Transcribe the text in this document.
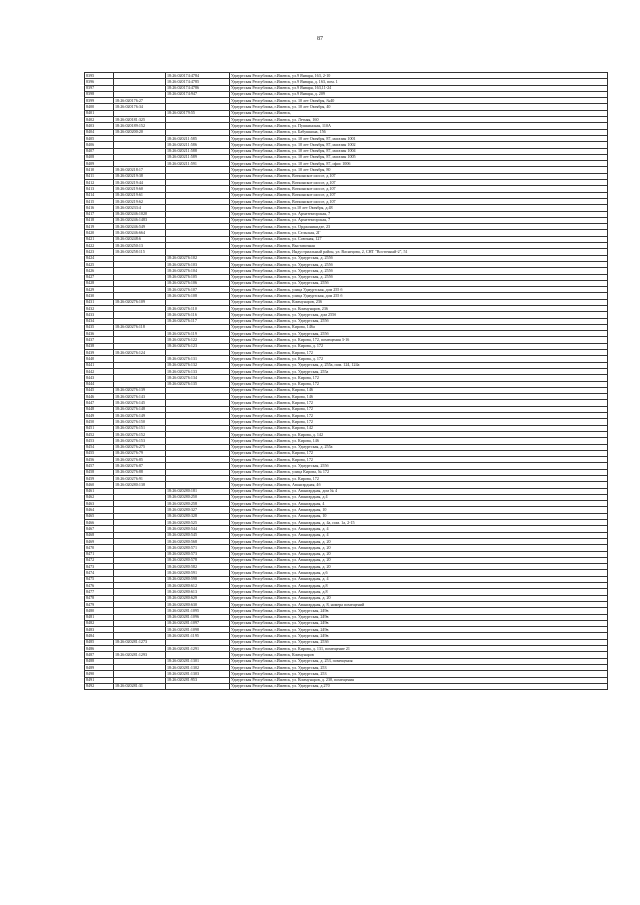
87
8395		18:26:020174:4784	Удмуртская Республика, г.Ижевск, ул.9 Января, 163, 2-10
8396		18:26:020174:4785	Удмуртская Республика, г.Ижевск, ул.9 Января, д. 163, пом. 1
8397		18:26:020174:4786	Удмуртская Республика, г.Ижевск, ул.9 Января, 163,11-24
8398		18:26:020174:947	Удмуртская Республика, г.Ижевск, ул.9 Января, д. 209
8399	18:26:020176:27		Удмуртская Республика, г.Ижевск, ул. 10 лет Октября, №40
8400	18:26:020176:34		Удмуртская Республика, г.Ижевск, ул. 10 лет Октября, 40
8401		18:26:020179:55	Удмуртская Республика, г.Ижевск,
8402	18:26:020181:325		Удмуртская Республика, г.Ижевск, ул. Летняя, 160
8403	18:26:020189:152		Удмуртская Республика, г.Ижевск, ул. Пушкинская, 110А
8404	18:26:020200:20		Удмуртская Республика, г.Ижевск, ул. Бабушкина, 156
8405		18:26:020211:585	Удмуртская Республика, г.Ижевск, ул. 10 лет Октября, 87, магазин 1001
8406		18:26:020211:586	Удмуртская Республика, г.Ижевск, ул. 10 лет Октября, 87, магазин 1002
8407		18:26:020211:588	Удмуртская Республика, г.Ижевск, ул. 10 лет Октября, 87, магазин 1004
8408		18:26:020211:589	Удмуртская Республика, г.Ижевск, ул. 10 лет Октября, 87, магазин 1005
8409		18:26:020211:591	Удмуртская Республика, г.Ижевск, ул. 10 лет Октября, 87, офис 1006
8410	18:26:020218:17		Удмуртская Республика, г.Ижевск, ул. 10 лет Октября, 80
8411	18:26:020219:38		Удмуртская Республика, г.Ижевск, Воткинское шоссе, д.107
8412	18:26:020219:44		Удмуртская Республика, г.Ижевск, Воткинское шоссе, д.107
8413	18:26:020219:60		Удмуртская Республика, г.Ижевск, Воткинское шоссе, д.107
8414	18:26:020219:61		Удмуртская Республика, г.Ижевск, Воткинское шоссе, д.107
8415	18:26:020219:62		Удмуртская Республика, г.Ижевск, Воткинское шоссе, д.107
8416	18:26:020233:4		Удмуртская Республика, г.Ижевск, ул.10 лет Октября, д.48
8417	18:26:020246:1020		Удмуртская Республика, г.Ижевск, ул. Архитекторская, 7
8418	18:26:020246:1483		Удмуртская Республика, г.Ижевск, ул. Архитекторская, 7
8419	18:26:020246:549		Удмуртская Республика, г.Ижевск, ул. Орджоникидзе, 23
8420	18:26:020246:664		Удмуртская Республика, г.Ижевск, ул. Сельская, 2Г
8421	18:26:020248:6		Удмуртская Республика, г.Ижевск, ул. Союзная, 127
8422	18:26:020250:13		Удмуртская Республика, г.Ижевск, Выставочная
8423	18:26:020258:115		Удмуртская Республика, г.Ижевск, Индустриальный район, ул. Васнецова, 2, СНТ "Восточный-2", 51
8424		18:26:020276:102	Удмуртская Республика, г.Ижевск, ул. Удмуртская, д. 255б
8425		18:26:020276:103	Удмуртская Республика, г.Ижевск, ул. Удмуртская, д. 255б
8426		18:26:020276:104	Удмуртская Республика, г.Ижевск, ул. Удмуртская, д. 255б
8427		18:26:020276:105	Удмуртская Республика, г.Ижевск, ул. Удмуртская, д. 255б
8428		18:26:020276:106	Удмуртская Республика, г.Ижевск, ул. Удмуртская, 255б
8429		18:26:020276:107	Удмуртская Республика, г.Ижевск, улица Удмуртская, дом 255 б
8430		18:26:020276:108	Удмуртская Республика, г.Ижевск, улица Удмуртская, дом 255 б
8431	18:26:020276:109		Удмуртская Республика, г.Ижевск, Коммунаров, 236
8432		18:26:020276:110	Удмуртская Республика, г.Ижевск, ул. Коммунаров, 236
8433		18:26:020276:116	Удмуртская Республика, г.Ижевск, ул. Удмуртская, дом 255б
8434		18:26:020276:117	Удмуртская Республика, г.Ижевск, ул. Удмуртская, 255б
8435	18:26:020276:118		Удмуртская Республика, г.Ижевск, Кирова, 146а
8436		18:26:020276:119	Удмуртская Республика, г.Ижевск, ул. Удмуртская, 255б
8437		18:26:020276:122	Удмуртская Республика, г.Ижевск, ул. Кирова, 172, помещения 3-16
8438		18:26:020276:123	Удмуртская Республика, г.Ижевск, ул. Кирова, д. 172
8439	18:26:020276:124		Удмуртская Республика, г.Ижевск, Кирова, 172
8440		18:26:020276:131	Удмуртская Республика, г.Ижевск, ул. Кирова, д. 172
8441		18:26:020276:132	Удмуртская Республика, г.Ижевск, ул. Удмуртская, д. 255а, пом. 124, 124а
8442		18:26:020276:133	Удмуртская Республика, г.Ижевск, ул. Удмуртская, 255а
8443		18:26:020276:134	Удмуртская Республика, г.Ижевск, ул. Кирова, 172
8444		18:26:020276:135	Удмуртская Республика, г.Ижевск, ул. Кирова, 172
8445	18:26:020276:139		Удмуртская Республика, г.Ижевск, Кирова, 146
8446	18:26:020276:143		Удмуртская Республика, г.Ижевск, Кирова, 146
8447	18:26:020276:145		Удмуртская Республика, г.Ижевск, Кирова, 172
8448	18:26:020276:148		Удмуртская Республика, г.Ижевск, Кирова, 172
8449	18:26:020276:149		Удмуртская Республика, г.Ижевск, Кирова, 172
8450	18:26:020276:150		Удмуртская Республика, г.Ижевск, Кирова, 172
8451	18:26:020276:151		Удмуртская Республика, г.Ижевск, Кирова, 142
8452	18:26:020276:152		Удмуртская Республика, г.Ижевск, ул. Кирова, д. 142
8453	18:26:020276:153		Удмуртская Республика, г.Ижевск, ул. Кирова, 146
8454	18:26:020276:275		Удмуртская Республика, г.Ижевск, ул. Удмуртская, д. 255а
8455	18:26:020276:79		Удмуртская Республика, г.Ижевск, Кирова, 172
8456	18:26:020276:85		Удмуртская Республика, г.Ижевск, Кирова, 172
8457	18:26:020276:87		Удмуртская Республика, г.Ижевск, ул. Удмуртская, 255б
8458	18:26:020276:88		Удмуртская Республика, г.Ижевск, улица Кирова, № 172
8459	18:26:020276:91		Удмуртская Республика, г.Ижевск, ул. Кирова, 172
8460	18:26:020280:138		Удмуртская Республика, г.Ижевск, Авангардная, 4б
8461		18:26:020280:181	Удмуртская Республика, г.Ижевск, ул. Авангардная, дом № 4
8462		18:26:020280:250	Удмуртская Республика, г.Ижевск, ул. Авангардная, д.4
8463		18:26:020280:258	Удмуртская Республика, г.Ижевск, ул. Авангардная, 4
8464		18:26:020280:327	Удмуртская Республика, г.Ижевск, ул. Авангардная, 10
8465		18:26:020280:328	Удмуртская Республика, г.Ижевск, ул. Авангардная, 10
8466		18:26:020280:525	Удмуртская Республика, г.Ижевск, ул. Авангардная, д. 4а, пом. 1а, 2-15
8467		18:26:020280:544	Удмуртская Республика, г.Ижевск, ул. Авангардная, д. 4
8468		18:26:020280:545	Удмуртская Республика, г.Ижевск, ул. Авангардная, д. 4
8469		18:26:020280:568	Удмуртская Республика, г.Ижевск, ул. Авангардная, д. 20
8470		18:26:020280:571	Удмуртская Республика, г.Ижевск, ул. Авангардная, д. 20
8471		18:26:020280:573	Удмуртская Республика, г.Ижевск, ул. Авангардная, д. 20
8472		18:26:020280:578	Удмуртская Республика, г.Ижевск, ул. Авангардная, д. 20
8473		18:26:020280:582	Удмуртская Республика, г.Ижевск, ул. Авангардная, д. 20
8474		18:26:020280:591	Удмуртская Республика, г.Ижевск, ул. Авангардная, д.6
8475		18:26:020280:598	Удмуртская Республика, г.Ижевск, ул. Авангардная, д. 4
8476		18:26:020280:612	Удмуртская Республика, г.Ижевск, ул. Авангардная, д.8
8477		18:26:020280:613	Удмуртская Республика, г.Ижевск, ул. Авангардная, д.8
8478		18:26:020280:629	Удмуртская Республика, г.Ижевск, ул. Авангардная, д. 20
8479		18:26:020280:630	Удмуртская Республика, г.Ижевск, ул. Авангардная, д. 8, номера помещений
8480		18:26:020281:1095	Удмуртская Республика, г.Ижевск, ул. Удмуртская, 249в
8481		18:26:020281:1096	Удмуртская Республика, г.Ижевск, ул. Удмуртская, 249в
8482		18:26:020281:1097	Удмуртская Республика, г.Ижевск, ул. Удмуртская, 249в
8483		18:26:020281:1098	Удмуртская Республика, г.Ижевск, ул. Удмуртская, 249в
8484		18:26:020281:1195	Удмуртская Республика, г.Ижевск, ул. Удмуртская, 249в
8485	18:26:020281:1273		Удмуртская Республика, г.Ижевск, ул. Удмуртская, 253б
8486		18:26:020281:1291	Удмуртская Республика, г.Ижевск, ул. Кирова, д. 131, помещение 21
8487	18:26:020281:1293		Удмуртская Республика, г.Ижевск, Коммунаров
8488		18:26:020281:1301	Удмуртская Республика, г.Ижевск, ул. Удмуртская, д. 253, помещения
8489		18:26:020281:1302	Удмуртская Республика, г.Ижевск, ул. Удмуртская, 253
8490		18:26:020281:1303	Удмуртская Республика, г.Ижевск, ул. Удмуртская, 253
8491		18:26:020281:953	Удмуртская Республика, г.Ижевск, ул. Коммунаров, д. 230, помещения
8492	18:26:020281:31		Удмуртская Республика, г.Ижевск, ул. Удмуртская, д.270
